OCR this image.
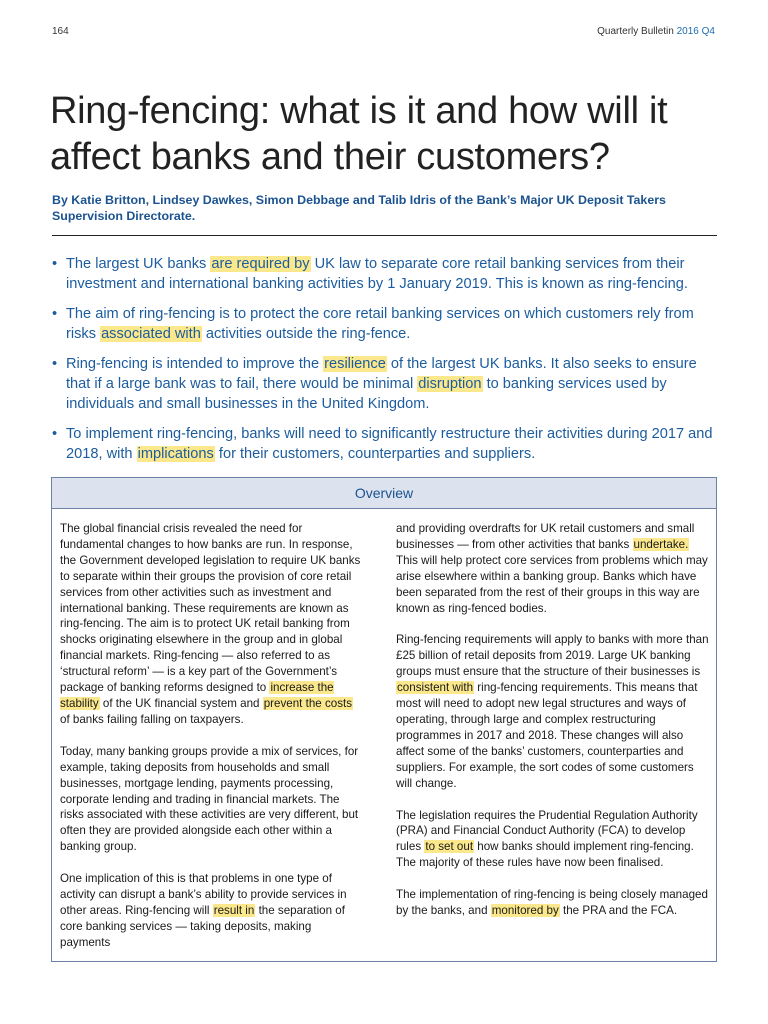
164	Quarterly Bulletin 2016 Q4
Ring-fencing: what is it and how will it affect banks and their customers?
By Katie Britton, Lindsey Dawkes, Simon Debbage and Talib Idris of the Bank’s Major UK Deposit Takers Supervision Directorate.
• The largest UK banks are required by UK law to separate core retail banking services from their investment and international banking activities by 1 January 2019. This is known as ring-fencing.
• The aim of ring-fencing is to protect the core retail banking services on which customers rely from risks associated with activities outside the ring-fence.
• Ring-fencing is intended to improve the resilience of the largest UK banks. It also seeks to ensure that if a large bank was to fail, there would be minimal disruption to banking services used by individuals and small businesses in the United Kingdom.
• To implement ring-fencing, banks will need to significantly restructure their activities during 2017 and 2018, with implications for their customers, counterparties and suppliers.
Overview

The global financial crisis revealed the need for fundamental changes to how banks are run. In response, the Government developed legislation to require UK banks to separate within their groups the provision of core retail services from other activities such as investment and international banking. These requirements are known as ring-fencing. The aim is to protect UK retail banking from shocks originating elsewhere in the group and in global financial markets. Ring-fencing — also referred to as ‘structural reform’ — is a key part of the Government’s package of banking reforms designed to increase the stability of the UK financial system and prevent the costs of banks failing falling on taxpayers.

Today, many banking groups provide a mix of services, for example, taking deposits from households and small businesses, mortgage lending, payments processing, corporate lending and trading in financial markets. The risks associated with these activities are very different, but often they are provided alongside each other within a banking group.

One implication of this is that problems in one type of activity can disrupt a bank’s ability to provide services in other areas. Ring-fencing will result in the separation of core banking services — taking deposits, making payments

and providing overdrafts for UK retail customers and small businesses — from other activities that banks undertake. This will help protect core services from problems which may arise elsewhere within a banking group. Banks which have been separated from the rest of their groups in this way are known as ring-fenced bodies.

Ring-fencing requirements will apply to banks with more than £25 billion of retail deposits from 2019. Large UK banking groups must ensure that the structure of their businesses is consistent with ring-fencing requirements. This means that most will need to adopt new legal structures and ways of operating, through large and complex restructuring programmes in 2017 and 2018. These changes will also affect some of the banks’ customers, counterparties and suppliers. For example, the sort codes of some customers will change.

The legislation requires the Prudential Regulation Authority (PRA) and Financial Conduct Authority (FCA) to develop rules to set out how banks should implement ring-fencing. The majority of these rules have now been finalised.

The implementation of ring-fencing is being closely managed by the banks, and monitored by the PRA and the FCA.
